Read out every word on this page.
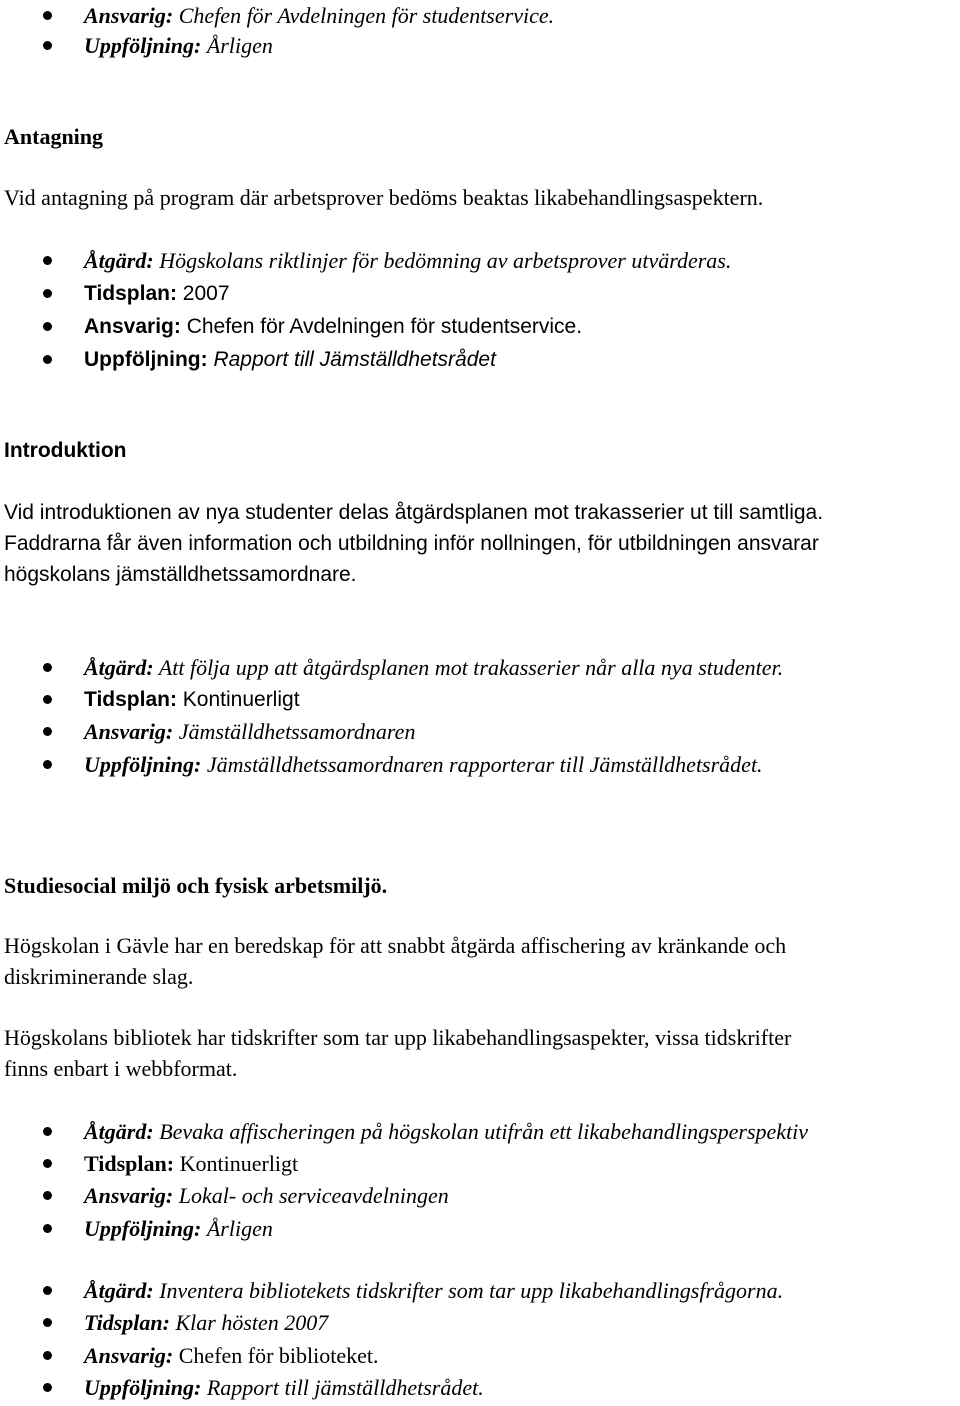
Ansvarig: Chefen för Avdelningen för studentservice.
Uppföljning: Årligen
Antagning
Vid antagning på program där arbetsprover bedöms beaktas likabehandlingsaspektern.
Åtgärd: Högskolans riktlinjer för bedömning av arbetsprover utvärderas.
Tidsplan: 2007
Ansvarig: Chefen för Avdelningen för studentservice.
Uppföljning: Rapport till Jämställdhetsrådet
Introduktion
Vid introduktionen av nya studenter delas åtgärdsplanen mot trakasserier ut till samtliga.
Faddrarna får även information och utbildning inför nollningen, för utbildningen ansvarar
högskolans jämställdhetssamordnare.
Åtgärd: Att följa upp att åtgärdsplanen mot trakasserier når alla nya studenter.
Tidsplan: Kontinuerligt
Ansvarig: Jämställdhetssamordnaren
Uppföljning: Jämställdhetssamordnaren rapporterar till Jämställdhetsrådet.
Studiesocial miljö och fysisk arbetsmiljö.
Högskolan i Gävle har en beredskap för att snabbt åtgärda affischering av kränkande och
diskriminerande slag.
Högskolans bibliotek har tidskrifter som tar upp likabehandlingsaspekter, vissa tidskrifter
finns enbart i webbformat.
Åtgärd: Bevaka affischeringen på högskolan utifrån ett likabehandlingsperspektiv
Tidsplan: Kontinuerligt
Ansvarig: Lokal- och serviceavdelningen
Uppföljning: Årligen
Åtgärd: Inventera bibliotekets tidskrifter som tar upp likabehandlingsfrågorna.
Tidsplan: Klar hösten 2007
Ansvarig: Chefen för biblioteket.
Uppföljning: Rapport till jämställdhetsrådet.
